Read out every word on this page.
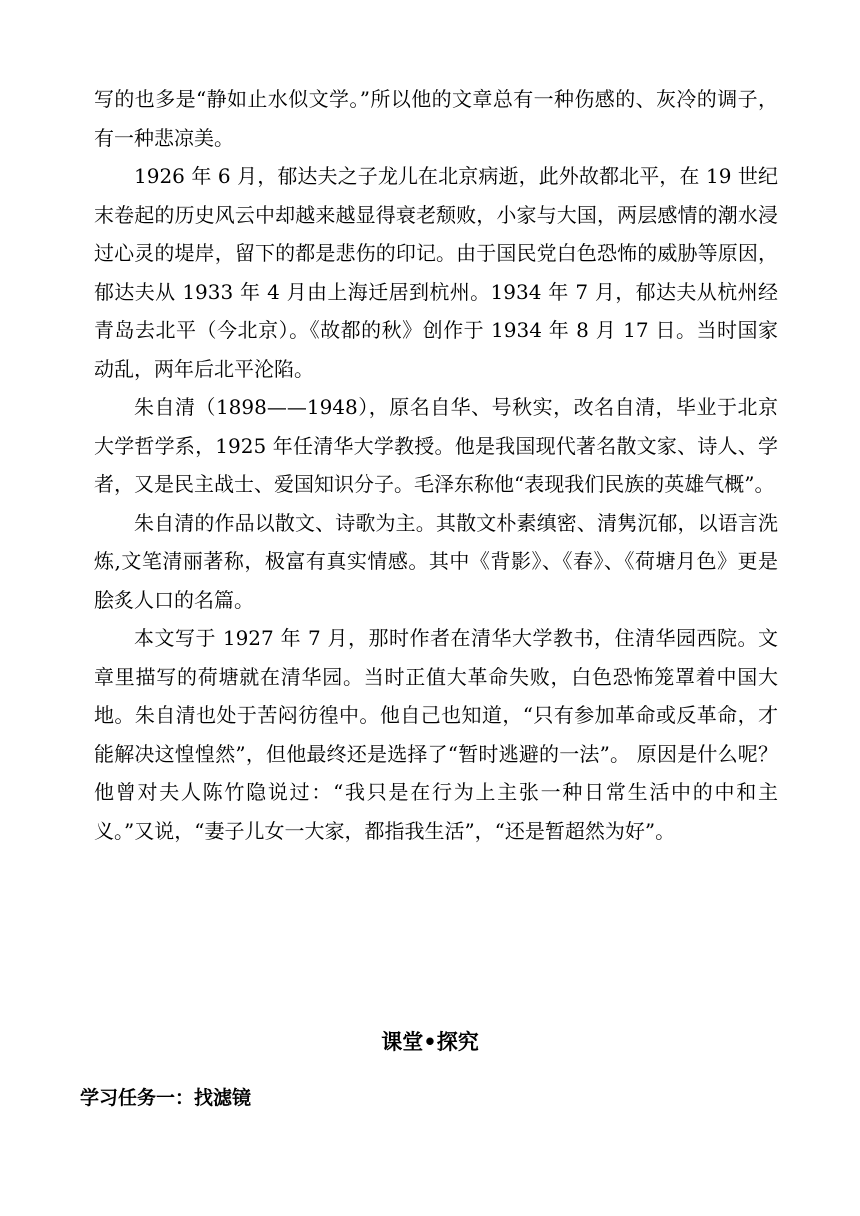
写的也多是“静如止水似文学。”所以他的文章总有一种伤感的、灰冷的调子，有一种悲凉美。

1926 年 6 月，郁达夫之子龙儿在北京病逝，此外故都北平，在 19 世纪末卷起的历史风云中却越来越显得衰老颓败，小家与大国，两层感情的潮水浸过心灵的堤岸，留下的都是悲伤的印记。由于国民党白色恐怖的威胁等原因，郁达夫从 1933 年 4 月由上海迁居到杭州。1934 年 7 月，郁达夫从杭州经青岛去北平（今北京）。《故都的秋》创作于 1934 年 8 月 17 日。当时国家动乱，两年后北平沦陷。

朱自清（1898——1948），原名自华、号秋实，改名自清，毕业于北京大学哲学系，1925 年任清华大学教授。他是我国现代著名散文家、诗人、学者，又是民主战士、爱国知识分子。毛泽东称他“表现我们民族的英雄气概”。

朱自清的作品以散文、诗歌为主。其散文朴素缜密、清隽沉郁，以语言洗炼,文笔清丽著称，极富有真实情感。其中《背影》、《春》、《荷塘月色》更是脍炙人口的名篇。

本文写于 1927 年 7 月，那时作者在清华大学教书，住清华园西院。文章里描写的荷塘就在清华园。当时正值大革命失败，白色恐怖笼罩着中国大地。朱自清也处于苦闷彷徨中。他自己也知道，“只有参加革命或反革命，才能解决这惶惶然”，但他最终还是选择了“暂时逃避的一法”。 原因是什么呢？他曾对夫人陈竹隐说过：“我只是在行为上主张一种日常生活中的中和主义。”又说，“妻子儿女一大家，都指我生活”，“还是暂超然为好”。

课堂•探究
学习任务一：找滤镜
